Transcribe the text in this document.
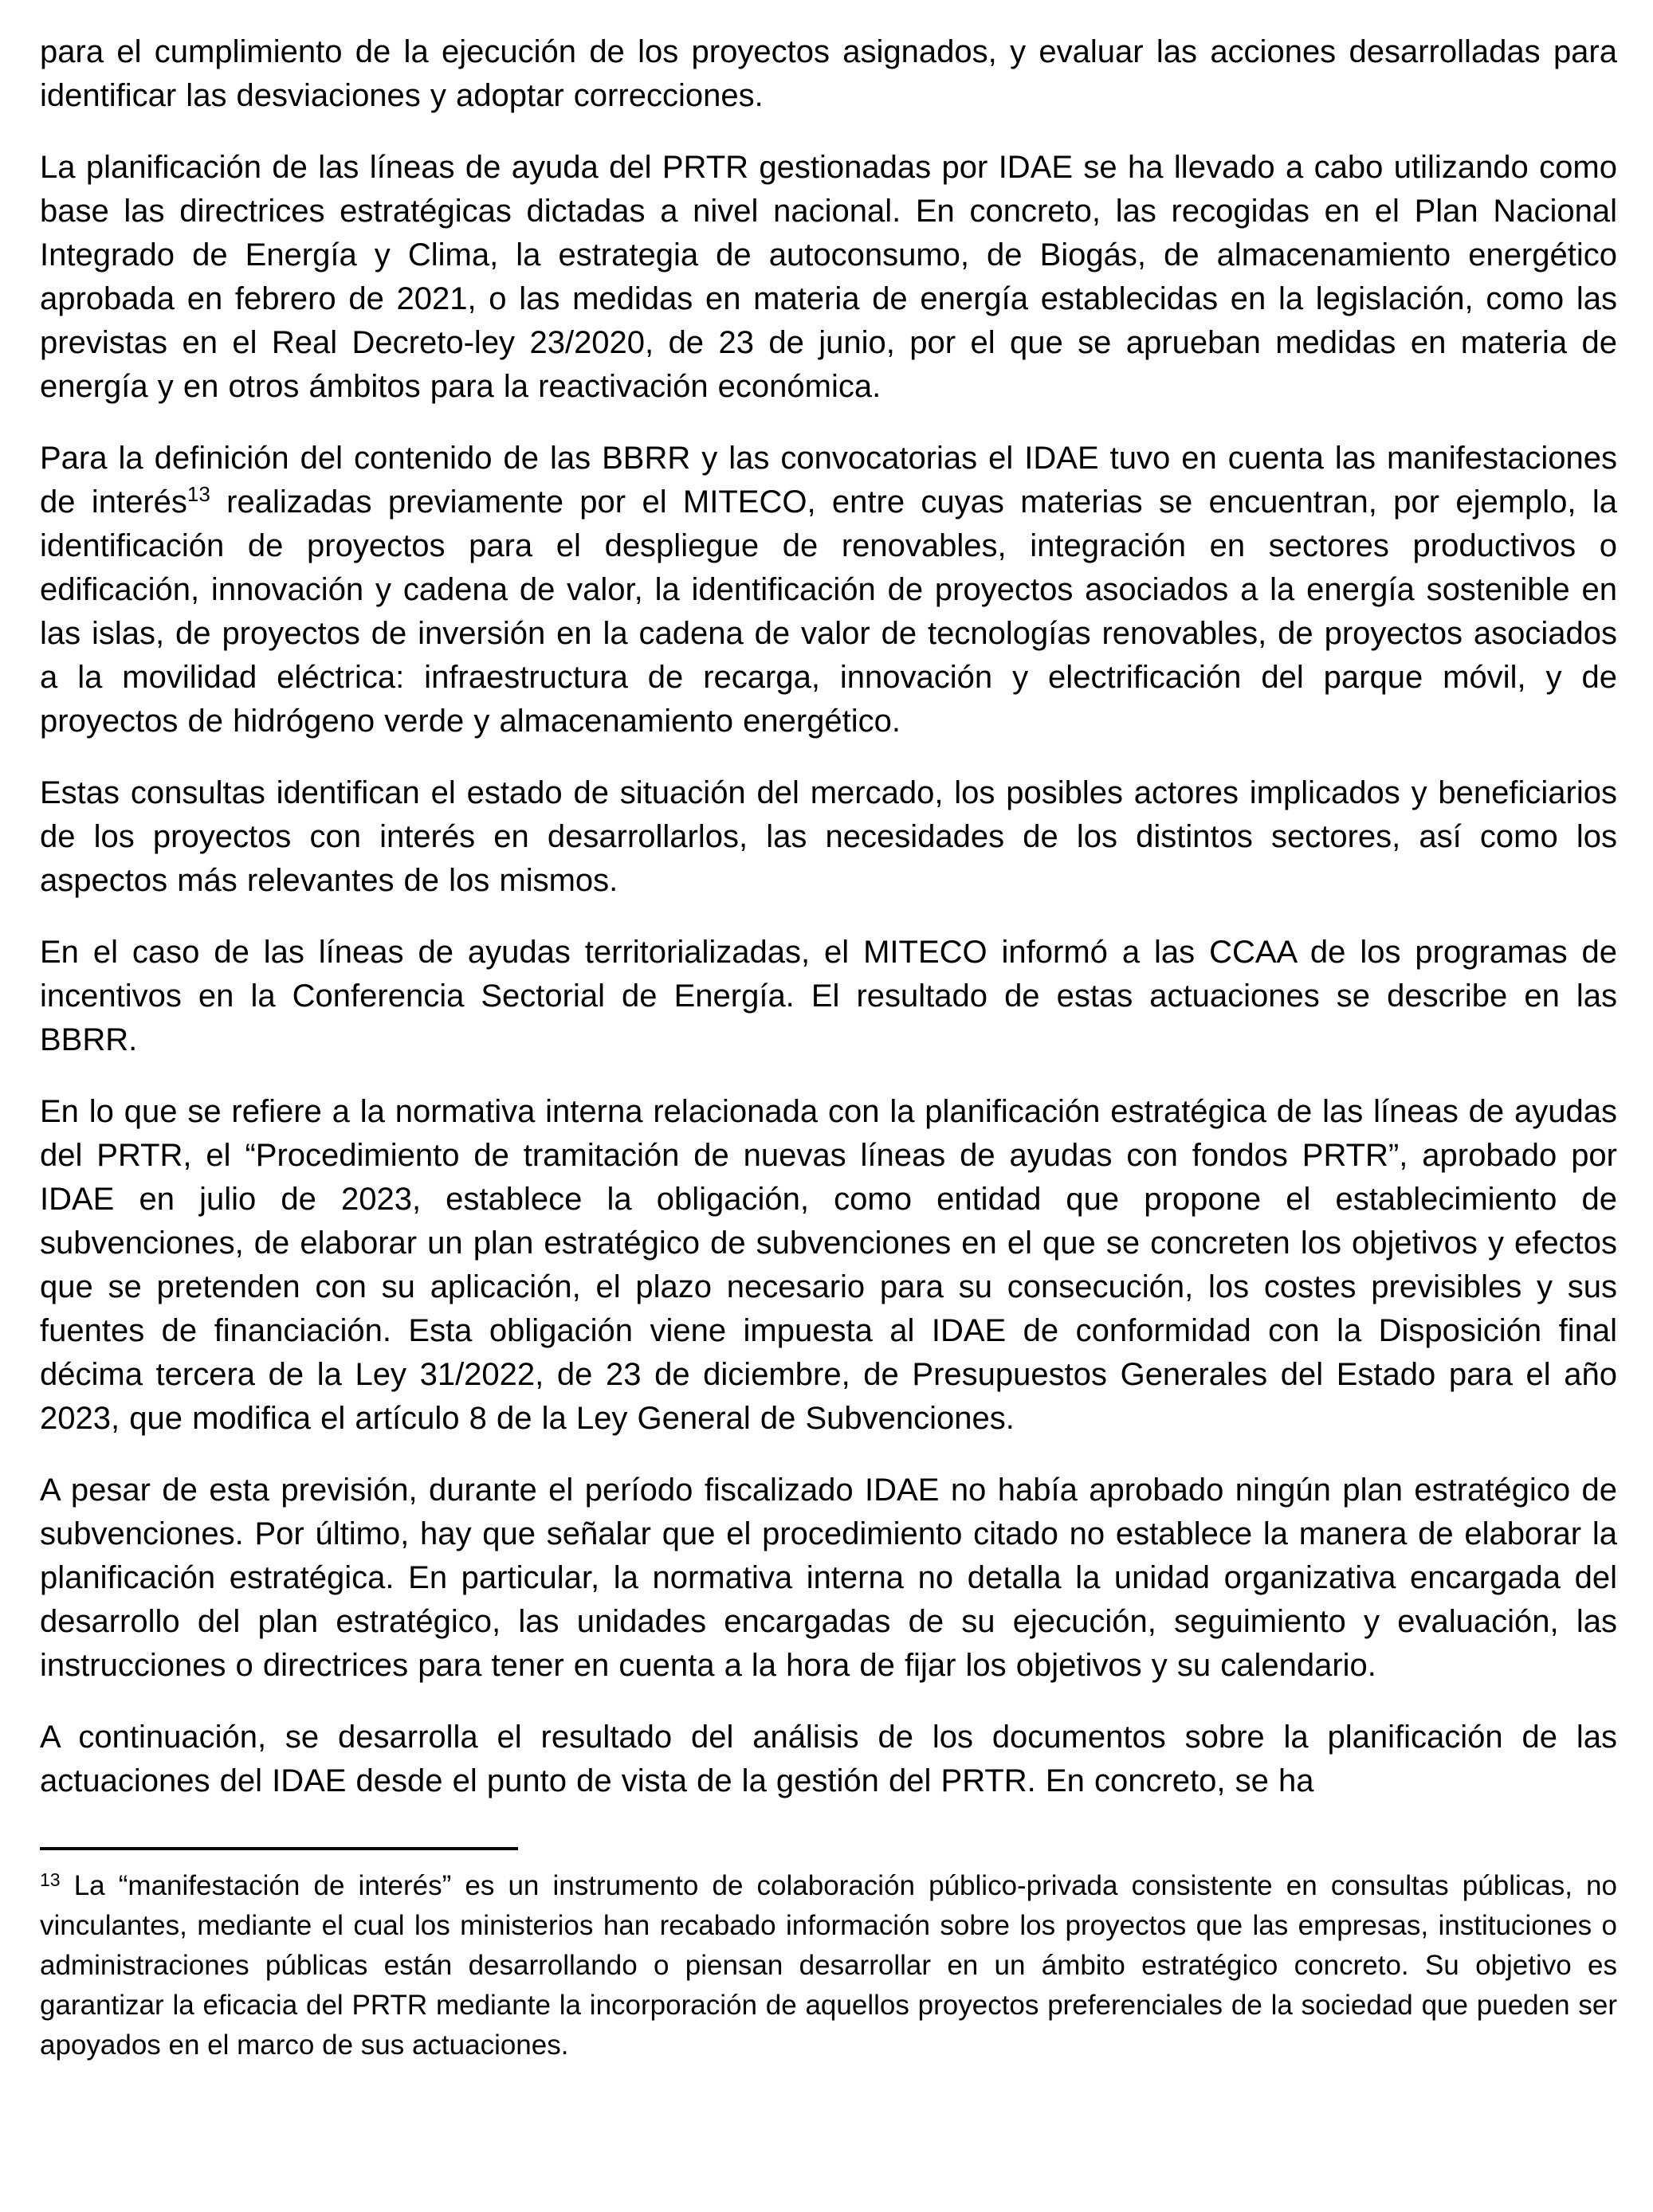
para el cumplimiento de la ejecución de los proyectos asignados, y evaluar las acciones desarrolladas para identificar las desviaciones y adoptar correcciones.

La planificación de las líneas de ayuda del PRTR gestionadas por IDAE se ha llevado a cabo utilizando como base las directrices estratégicas dictadas a nivel nacional. En concreto, las recogidas en el Plan Nacional Integrado de Energía y Clima, la estrategia de autoconsumo, de Biogás, de almacenamiento energético aprobada en febrero de 2021, o las medidas en materia de energía establecidas en la legislación, como las previstas en el Real Decreto-ley 23/2020, de 23 de junio, por el que se aprueban medidas en materia de energía y en otros ámbitos para la reactivación económica.

Para la definición del contenido de las BBRR y las convocatorias el IDAE tuvo en cuenta las manifestaciones de interés$^{13}$ realizadas previamente por el MITECO, entre cuyas materias se encuentran, por ejemplo, la identificación de proyectos para el despliegue de renovables, integración en sectores productivos o edificación, innovación y cadena de valor, la identificación de proyectos asociados a la energía sostenible en las islas, de proyectos de inversión en la cadena de valor de tecnologías renovables, de proyectos asociados a la movilidad eléctrica: infraestructura de recarga, innovación y electrificación del parque móvil, y de proyectos de hidrógeno verde y almacenamiento energético.

Estas consultas identifican el estado de situación del mercado, los posibles actores implicados y beneficiarios de los proyectos con interés en desarrollarlos, las necesidades de los distintos sectores, así como los aspectos más relevantes de los mismos.

En el caso de las líneas de ayudas territorializadas, el MITECO informó a las CCAA de los programas de incentivos en la Conferencia Sectorial de Energía. El resultado de estas actuaciones se describe en las BBRR.

En lo que se refiere a la normativa interna relacionada con la planificación estratégica de las líneas de ayudas del PRTR, el “Procedimiento de tramitación de nuevas líneas de ayudas con fondos PRTR”, aprobado por IDAE en julio de 2023, establece la obligación, como entidad que propone el establecimiento de subvenciones, de elaborar un plan estratégico de subvenciones en el que se concreten los objetivos y efectos que se pretenden con su aplicación, el plazo necesario para su consecución, los costes previsibles y sus fuentes de financiación. Esta obligación viene impuesta al IDAE de conformidad con la Disposición final décima tercera de la Ley 31/2022, de 23 de diciembre, de Presupuestos Generales del Estado para el año 2023, que modifica el artículo 8 de la Ley General de Subvenciones.

A pesar de esta previsión, durante el período fiscalizado IDAE no había aprobado ningún plan estratégico de subvenciones. Por último, hay que señalar que el procedimiento citado no establece la manera de elaborar la planificación estratégica. En particular, la normativa interna no detalla la unidad organizativa encargada del desarrollo del plan estratégico, las unidades encargadas de su ejecución, seguimiento y evaluación, las instrucciones o directrices para tener en cuenta a la hora de fijar los objetivos y su calendario.

A continuación, se desarrolla el resultado del análisis de los documentos sobre la planificación de las actuaciones del IDAE desde el punto de vista de la gestión del PRTR. En concreto, se ha

$^{13}$ La “manifestación de interés” es un instrumento de colaboración público-privada consistente en consultas públicas, no vinculantes, mediante el cual los ministerios han recabado información sobre los proyectos que las empresas, instituciones o administraciones públicas están desarrollando o piensan desarrollar en un ámbito estratégico concreto. Su objetivo es garantizar la eficacia del PRTR mediante la incorporación de aquellos proyectos preferenciales de la sociedad que pueden ser apoyados en el marco de sus actuaciones.
